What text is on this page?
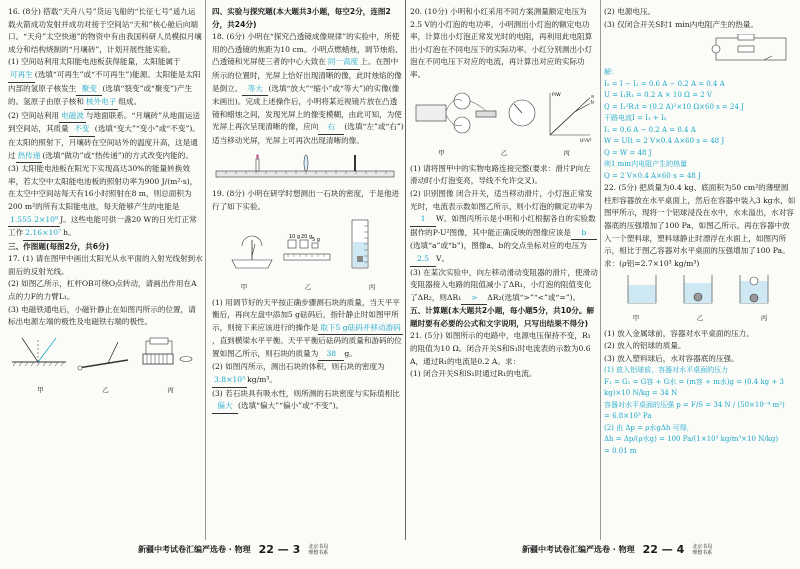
16. (8分) 搭载“天舟八号”货运飞船的“长征七号”遥九运载火箭成功发射并成功对接于空间站“天和”核心舱后向端口。“天舟”太空快递”的物资中有由我国科研人员模拟月壤成分和结构烧制的“月壤砖”，计划开展性能实验。

(1) 空间站利用太阳能电池板获得能量，太阳能属于可再生 (选填“可再生”或“不可再生”)能源。太阳能是太阳内部的氢原子核发生 聚变 (选填“裂变”或“聚变”)产生的。氢原子由原子核和 核外电子 组成。

(2) 空间站利用 电磁波 与地面联系。“月壤砖”从地面运送到空间站，其质量 不变 (选填“变大”“变小”或“不变”)。在太阳的照射下，月壤砖在空间站外的温度升高，这是通过 热传递 (选填“做功”或“热传递”)的方式改变内能的。

(3) 太阳能电池板在阳光下实现高达30%的能量转换效率，若太空中太阳能电池板的照射功率为900 J/(m²·s)，在太空中空间站每天有16小时照射在8 m，则总面积为200 m²的所有太阳能电池，每天能够产生的电能是1.555 2×10⁹ J。这些电能可供一盏20 W的日光灯正常工作 2.16×10⁷ h。

三、作图题(每图2分，共6分)

17. (1) 请在图甲中画出太阳光从水平面的入射光线射到水面后的反射光线。

(2) 如图乙所示，杠杆OB可绕O点转动，请画出作用在A点的力F的力臂L₁。

(3) 电磁铁通电后，小磁针静止在如图丙所示的位置，请标出电源左端的极性及电磁铁右端的极性。

甲	乙	丙

四、实验与探究题(本大题共3小题，每空2分，连图2分，共24分)

18. (6分) 小明在“探究凸透镜成像规律”的实验中，所使用的凸透镜的焦距为10 cm。小明点燃蜡烛，调节烛焰、凸透镜和光屏使三者的中心大致在 同一高度 上。在图中所示的位置时，光屏上恰好出现清晰的像，此时烛焰的像是倒立、 等大 (选填“放大”“缩小”或“等大”)的实像(像未画出)。完成上述操作后，小明将某近视镜片放在凸透镜和蜡烛之间，发现光屏上的像变模糊，由此可知，为使光屏上再次呈现清晰的像，应向 右 (选填“左”或“右”)适当移动光屏，光屏上可再次出现清晰的像。

19. (8分) 小明在研学时想测出一石块的密度，于是他进行了如下实验。

10 g 20 g 5 g
甲	乙	丙

(1) 用调节好的天平按正确步骤测石块的质量，当天平平衡后，再向左盘中添加5 g砝码后，指针静止时如图甲所示，则接下来应该进行的操作是 取下5 g砝码并移动游码，直到横梁水平平衡。天平平衡后砝码的质量和游码的位置如图乙所示，则石块的质量为 38 g。

(2) 如图丙所示，测出石块的体积，则石块的密度为3.8×10³ kg/m³。

(3) 若石块具有吸水性，则所测的石块密度与实际值相比偏大 (选填“偏大”“偏小”或“不变”)。

20. (10分) 小明和小红采用不同方案测量额定电压为2.5 V的小灯泡的电功率，小明测出小灯泡的额定电功率，计算出小灯泡正常发光时的电阻，再利用此电阻算出小灯泡在不同电压下的实际功率。小红分别测出小灯泡在不同电压下对应的电流，再计算出对应的实际功率。

U²/V²
P/W	a
b
甲	乙	丙

(1) 请将图甲中的实物电路连接完整(要求：滑片P向左滑动时小灯泡变亮，导线不允许交叉)。

(2) 识别图像 闭合开关，适当移动滑片，小灯泡正常发光时，电流表示数如图乙所示，则小灯泡的额定功率为1 W。如图丙所示是小明和小红根据各自的实验数据作的P-U²图像，其中能正确反映的图像应该是 b(选填“a”或“b”)，图像a、b的交点坐标对应的电压为2.5 V。

(3) 在某次实验中，向左移动滑动变阻器的滑片，使滑动变阻器接入电路的阻值减小了ΔR₁，小灯泡的阻值变化了ΔR₂，则ΔR₁ > ΔR₂(选填“>”“<”或“=”)。

五、计算题(本大题共2小题，每小题5分，共10分。解题时要有必要的公式和文字说明，只写出结果不得分)

21. (5分) 如图所示的电路中，电源电压保持不变，R₁的阻值为10 Ω。闭合开关S和S₁时电流表的示数为0.6 A，通过R₁的电流是0.2 A。求：

(1) 闭合开关S和S₁时通过R₁的电流。

(2) 电源电压。

(3) 仅闭合开关S时1 min内电阻产生的热量。

解：

I₂ = I − I₁ = 0.6 A − 0.2 A = 0.4 A

U = I₁R₁ = 0.2 A × 10 Ω = 2 V

Q = I₁²R₁t = (0.2 A)²×10 Ω×60 s = 24 J

干路电流I = I₁ + I₂

I₁ = 0.6 A − 0.2 A = 0.4 A

W = UIt = 2 V×0.4 A×60 s = 48 J

Q = W = 48 J

则1 min内电阻产生的热量

Q = 2 V×0.4 A×60 s = 48 J

22. (5分) 把质量为0.4 kg、底面积为50 cm²的薄壁圆柱形容器放在水平桌面上，然后在容器中装入3 kg水，如图甲所示，现将一个铝球浸没在水中，水未溢出，水对容器底的压强增加了100 Pa，如图乙所示。再在容器中放入一个塑料球，塑料球静止时漂浮在水面上，如图丙所示，相比于图乙容器对水平桌面的压强增加了100 Pa。求：(ρ铝=2.7×10³ kg/m³)

甲	乙	丙

(1) 放入金属球前，容器对水平桌面的压力。

(2) 放入的铝球的质量。

(3) 放入塑料球后，水对容器底的压强。

(1) 放入铝球前，容器对水平桌面的压力

F₁ = G₁ = G容 + G水 = (m容 + m水)g = (0.4 kg + 3 kg)×10 N/kg = 34 N

容器对水平桌面的压强 p = F/S = 34 N / (50×10⁻⁴ m²)

= 6.8×10³ Pa

(2) 由 Δp = ρ水gΔh 可得，

Δh = Δp/(ρ水g) = 100 Pa/(1×10³ kg/m³×10 N/kg)

= 0.01 m

新疆中考试卷汇编严选卷 · 物理 22 — 3 北京书局 理想书系	新疆中考试卷汇编严选卷 · 物理 22 — 4 北京书局 理想书系
